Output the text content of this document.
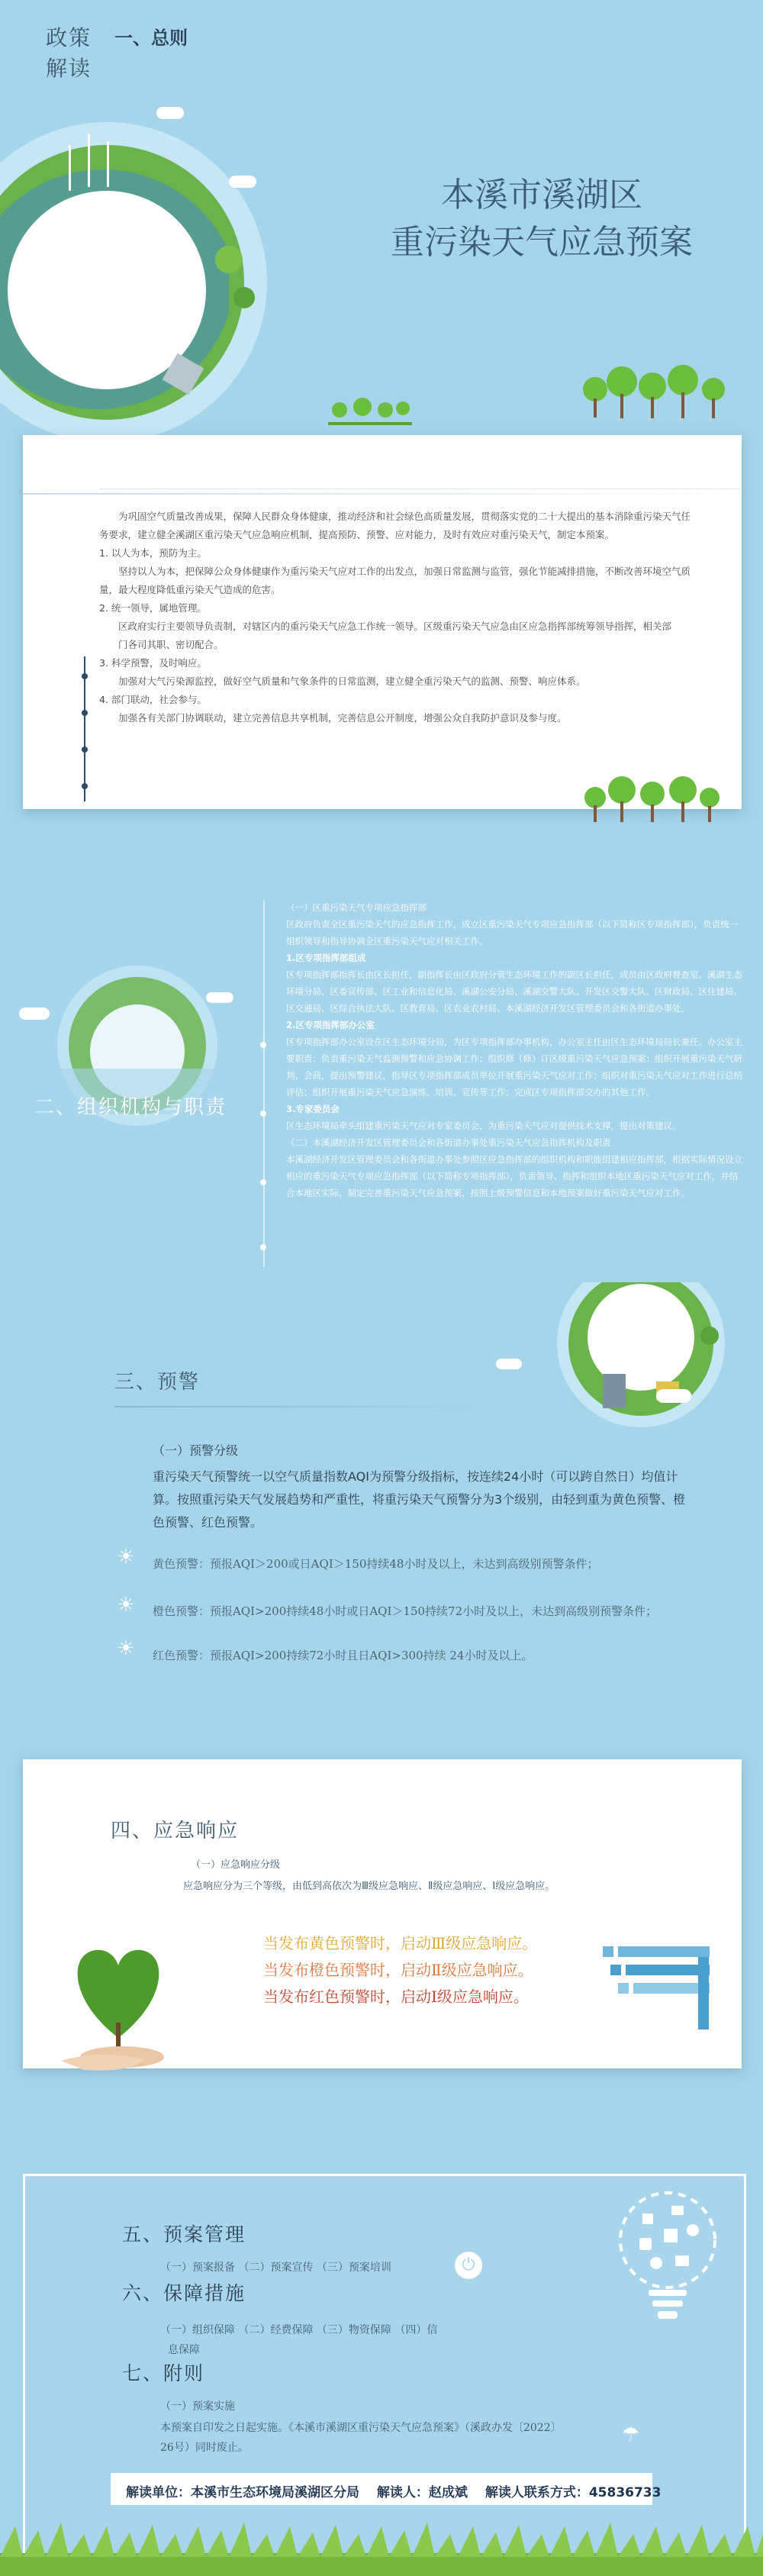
政策
解读
本溪市溪湖区
重污染天气应急预案
一、总则

为巩固空气质量改善成果，保障人民群众身体健康，推动经济和社会绿色高质量发展，贯彻落实党的二十大提出的基本消除重污染天气任务要求，建立健全溪湖区重污染天气应急响应机制，提高预防、预警、应对能力，及时有效应对重污染天气，制定本预案。

1. 以人为本，预防为主。

坚持以人为本，把保障公众身体健康作为重污染天气应对工作的出发点，加强日常监测与监管，强化节能减排措施，不断改善环境空气质量，最大程度降低重污染天气造成的危害。

2. 统一领导，属地管理。

区政府实行主要领导负责制，对辖区内的重污染天气应急工作统一领导。区级重污染天气应急由区应急指挥部统筹领导指挥，相关部

门各司其职、密切配合。

3. 科学预警，及时响应。

加强对大气污染源监控，做好空气质量和气象条件的日常监测，建立健全重污染天气的监测、预警、响应体系。

4. 部门联动，社会参与。

加强各有关部门协调联动，建立完善信息共享机制，完善信息公开制度，增强公众自我防护意识及参与度。

二、组织机构与职责

（一）区重污染天气专项应急指挥部

区政府负责全区重污染天气的应急指挥工作，成立区重污染天气专项应急指挥部（以下简称区专项指挥部），负责统一组织领导和指导协调全区重污染天气应对相关工作。

1.区专项指挥部组成

区专项指挥部指挥长由区长担任，副指挥长由区政府分管生态环境工作的副区长担任，成员由区政府督查室、溪湖生态环境分局、区委宣传部、区工业和信息化局、溪湖公安分局、溪湖交警大队、开发区交警大队、区财政局、区住建局、区交通局、区综合执法大队、区教育局、区农业农村局、本溪湖经济开发区管理委员会和各街道办事处。

2.区专项指挥部办公室

区专项指挥部办公室设在区生态环境分局，为区专项指挥部办事机构，办公室主任由区生态环境局局长兼任。办公室主要职责：负责重污染天气监测预警和应急协调工作；组织修（修）订区级重污染天气应急预案；组织开展重污染天气研判、会商，提出预警建议，指导区专项指挥部成员单位开展重污染天气应对工作；组织对重污染天气应对工作进行总结评估；组织开展重污染天气应急演练、培训、宣传等工作；完成区专项指挥部交办的其他工作。

3.专家委员会

区生态环境局牵头组建重污染天气应对专家委员会，为重污染天气应对提供技术支撑，提出对策建议。

（二）本溪湖经济开发区管理委员会和各街道办事处重污染天气应急指挥机构及职责

本溪湖经济开发区管理委员会和各街道办事处参照区应急指挥部的组织机构和职能组建相应指挥部，根据实际情况设立相应的重污染天气专项应急指挥部（以下简称专项指挥部），负责领导、指挥和组织本地区重污染天气应对工作，并结合本地区实际，制定完善重污染天气应急预案，按照上级预警信息和本地预案做好重污染天气应对工作。

三、预警
（一）预警分级
重污染天气预警统一以空气质量指数AQI为预警分级指标，按连续24小时（可以跨自然日）均值计算。按照重污染天气发展趋势和严重性，将重污染天气预警分为3个级别，由轻到重为黄色预警、橙色预警、红色预警。
☀ 黄色预警：预报AQI＞200或日AQI＞150持续48小时及以上，未达到高级别预警条件；
☀ 橙色预警：预报AQI>200持续48小时或日AQI＞150持续72小时及以上，未达到高级别预警条件；
☀ 红色预警：预报AQI>200持续72小时且日AQI>300持续 24小时及以上。
四、应急响应
（一）应急响应分级
应急响应分为三个等级，由低到高依次为Ⅲ级应急响应、Ⅱ级应急响应、Ⅰ级应急响应。
当发布黄色预警时，启动Ⅲ级应急响应。
当发布橙色预警时，启动Ⅱ级应急响应。
当发布红色预警时，启动Ⅰ级应急响应。
五、预案管理
（一）预案报备 （二）预案宣传 （三）预案培训	⏻
六、保障措施
（一）组织保障 （二）经费保障 （三）物资保障 （四）信
息保障
七、附则
（一）预案实施
本预案自印发之日起实施。《本溪市溪湖区重污染天气应急预案》（溪政办发〔2022〕
26号）同时废止。
☂
解读单位：本溪市生态环境局溪湖区分局　 解读人：赵成斌　 解读人联系方式：45836733
